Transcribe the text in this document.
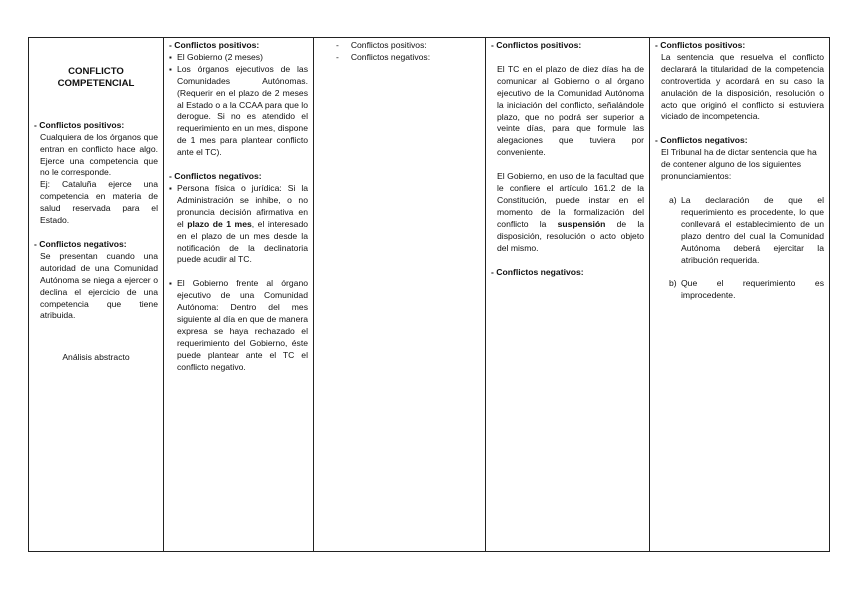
CONFLICTO

COMPETENCIAL

- Conflictos positivos:

Cualquiera de los órganos que entran en conflicto hace algo. Ejerce una competencia que no le corresponde.

Ej: Cataluña ejerce una competencia en materia de salud reservada para el Estado.

- Conflictos negativos:

Se presentan cuando una autoridad de una Comunidad Autónoma se niega a ejercer o declina el ejercicio de una competencia que tiene atribuida.

Análisis abstracto

- Conflictos positivos:

▪ El Gobierno (2 meses)
▪ Los órganos ejecutivos de las Comunidades Autónomas. (Requerir en el plazo de 2 meses al Estado o a la CCAA para que lo derogue. Si no es atendido el requerimiento en un mes, dispone de 1 mes para plantear conflicto ante el TC).

- Conflictos negativos:

▪ Persona física o jurídica: Si la Administración se inhibe, o no pronuncia decisión afirmativa en el plazo de 1 mes, el interesado en el plazo de un mes desde la notificación de la declinatoria puede acudir al TC.
▪ El Gobierno frente al órgano ejecutivo de una Comunidad Autónoma: Dentro del mes siguiente al día en que de manera expresa se haya rechazado el requerimiento del Gobierno, éste puede plantear ante el TC el conflicto negativo.

-     Conflictos positivos:

-     Conflictos negativos:

- Conflictos positivos:

El TC en el plazo de diez días ha de comunicar al Gobierno o al órgano ejecutivo de la Comunidad Autónoma la iniciación del conflicto, señalándole plazo, que no podrá ser superior a veinte días, para que formule las alegaciones que tuviera por conveniente.

El Gobierno, en uso de la facultad que le confiere el artículo 161.2 de la Constitución, puede instar en el momento de la formalización del conflicto la suspensión de la disposición, resolución o acto objeto del mismo.

- Conflictos negativos:

- Conflictos positivos:

La sentencia que resuelva el conflicto declarará la titularidad de la competencia controvertida y acordará en su caso la anulación de la disposición, resolución o acto que originó el conflicto si estuviera viciado de incompetencia.

- Conflictos negativos:

El Tribunal ha de dictar sentencia que ha de contener alguno de los siguientes pronunciamientos:

a) La declaración de que el requerimiento es procedente, lo que conllevará el establecimiento de un plazo dentro del cual la Comunidad Autónoma deberá ejercitar la atribución requerida.
b) Que el requerimiento es improcedente.
